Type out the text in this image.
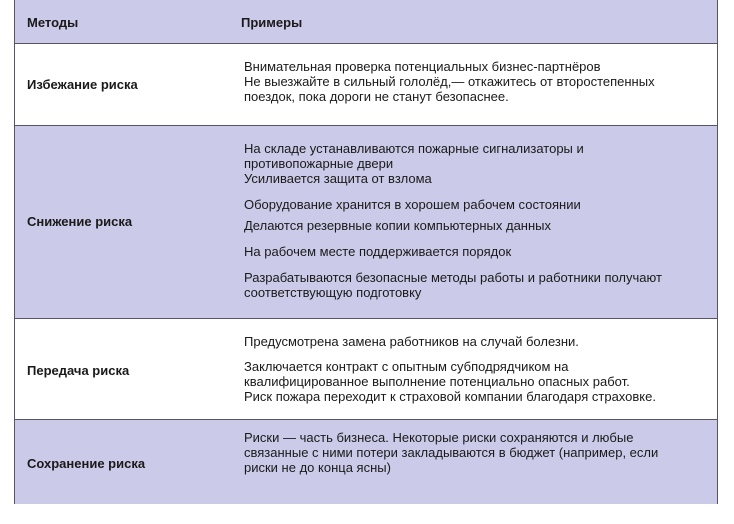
Методы	Примеры
Избежание риска
Внимательная проверка потенциальных бизнес-партнёров
Не выезжайте в сильный гололёд,— откажитесь от второстепенных
поездок, пока дороги не станут безопаснее.
Снижение риска
На складе устанавливаются пожарные сигнализаторы и
противопожарные двери
Усиливается защита от взлома
Оборудование хранится в хорошем рабочем состоянии
Делаются резервные копии компьютерных данных
На рабочем месте поддерживается порядок
Разрабатываются безопасные методы работы и работники получают
соответствующую подготовку
Передача риска
Предусмотрена замена работников на случай болезни.
Заключается контракт с опытным субподрядчиком на
квалифицированное выполнение потенциально опасных работ.
Риск пожара переходит к страховой компании благодаря страховке.
Сохранение риска
Риски — часть бизнеса. Некоторые риски сохраняются и любые
связанные с ними потери закладываются в бюджет (например, если
риски не до конца ясны)
